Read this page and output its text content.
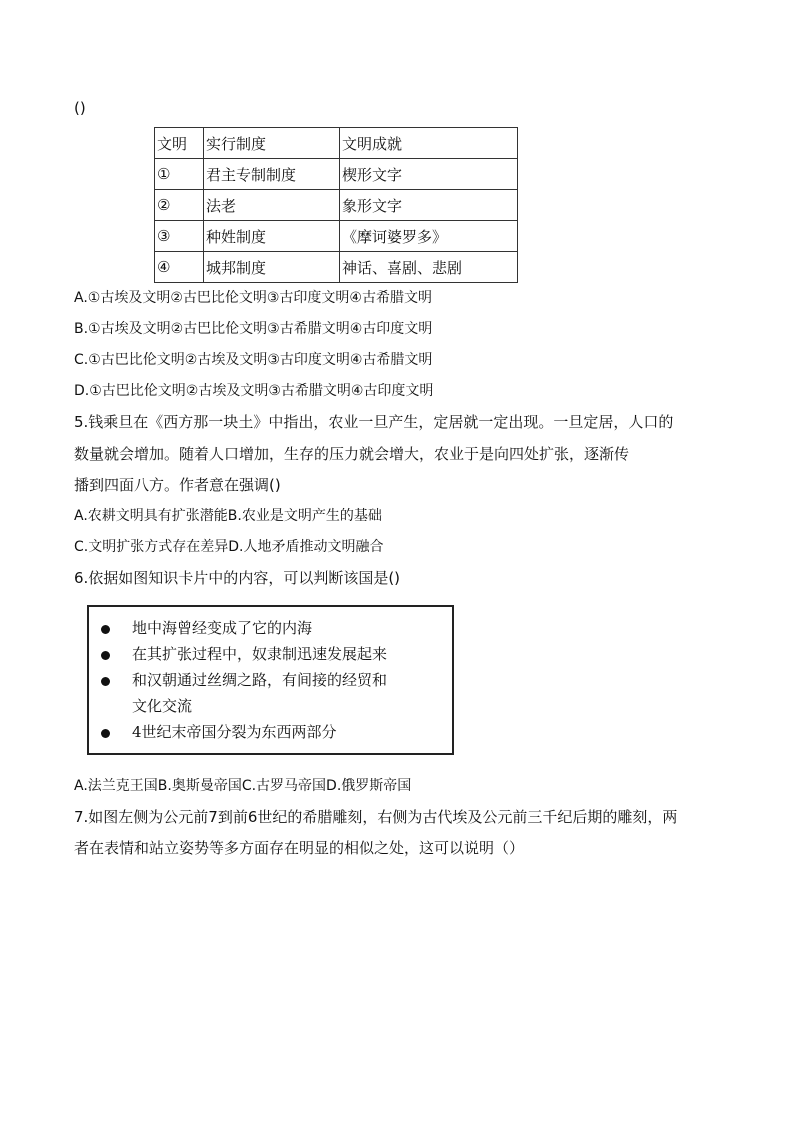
()
文明	实行制度	文明成就
①	君主专制制度	楔形文字
②	法老	象形文字
③	种姓制度	《摩诃婆罗多》
④	城邦制度	神话、喜剧、悲剧
A.①古埃及文明②古巴比伦文明③古印度文明④古希腊文明
B.①古埃及文明②古巴比伦文明③古希腊文明④古印度文明
C.①古巴比伦文明②古埃及文明③古印度文明④古希腊文明
D.①古巴比伦文明②古埃及文明③古希腊文明④古印度文明
5.钱乘旦在《西方那一块土》中指出，农业一旦产生，定居就一定出现。一旦定居，人口的
数量就会增加。随着人口增加，生存的压力就会增大，农业于是向四处扩张，逐渐传
播到四面八方。作者意在强调()
A.农耕文明具有扩张潜能B.农业是文明产生的基础
C.文明扩张方式存在差异D.人地矛盾推动文明融合
6.依据如图知识卡片中的内容，可以判断该国是()
地中海曾经变成了它的内海
在其扩张过程中，奴隶制迅速发展起来
和汉朝通过丝绸之路，有间接的经贸和
文化交流
4世纪末帝国分裂为东西两部分
A.法兰克王国B.奥斯曼帝国C.古罗马帝国D.俄罗斯帝国
7.如图左侧为公元前7到前6世纪的希腊雕刻，右侧为古代埃及公元前三千纪后期的雕刻，两
者在表情和站立姿势等多方面存在明显的相似之处，这可以说明（）
